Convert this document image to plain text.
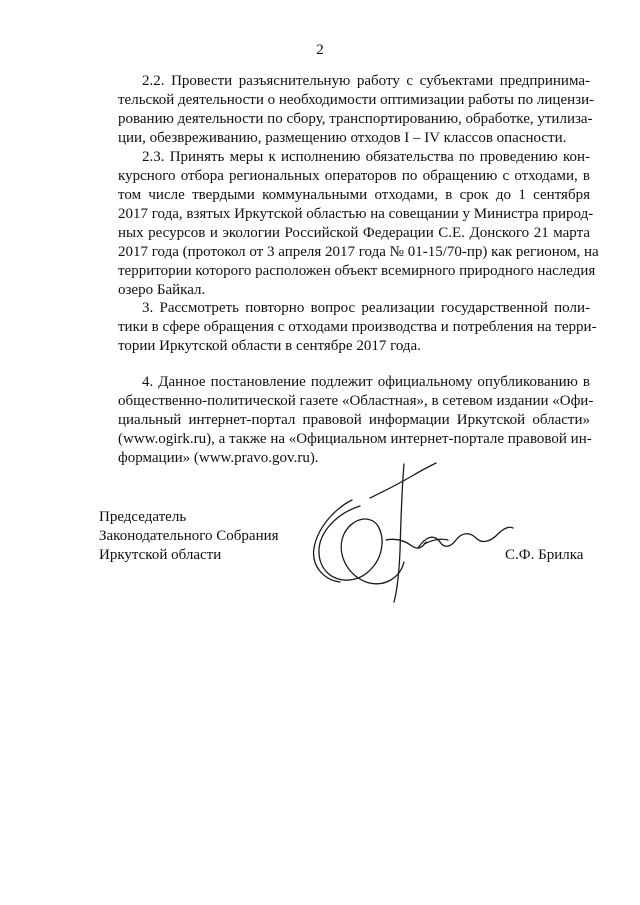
2
2.2. Провести разъяснительную работу с субъектами предпринима-
тельской деятельности о необходимости оптимизации работы по лицензи-
рованию деятельности по сбору, транспортированию, обработке, утилиза-
ции, обезвреживанию, размещению отходов I – IV классов опасности.
2.3. Принять меры к исполнению обязательства по проведению кон-
курсного отбора региональных операторов по обращению с отходами, в
том числе твердыми коммунальными отходами, в срок до 1 сентября
2017 года, взятых Иркутской областью на совещании у Министра природ-
ных ресурсов и экологии Российской Федерации С.Е. Донского 21 марта
2017 года (протокол от 3 апреля 2017 года № 01-15/70-пр) как регионом, на
территории которого расположен объект всемирного природного наследия
озеро Байкал.
3. Рассмотреть повторно вопрос реализации государственной поли-
тики в сфере обращения с отходами производства и потребления на терри-
тории Иркутской области в сентябре 2017 года.
4. Данное постановление подлежит официальному опубликованию в
общественно-политической газете «Областная», в сетевом издании «Офи-
циальный интернет-портал правовой информации Иркутской области»
(www.ogirk.ru), а также на «Официальном интернет-портале правовой ин-
формации» (www.pravo.gov.ru).
Председатель
Законодательного Собрания
Иркутской области	С.Ф. Брилка
